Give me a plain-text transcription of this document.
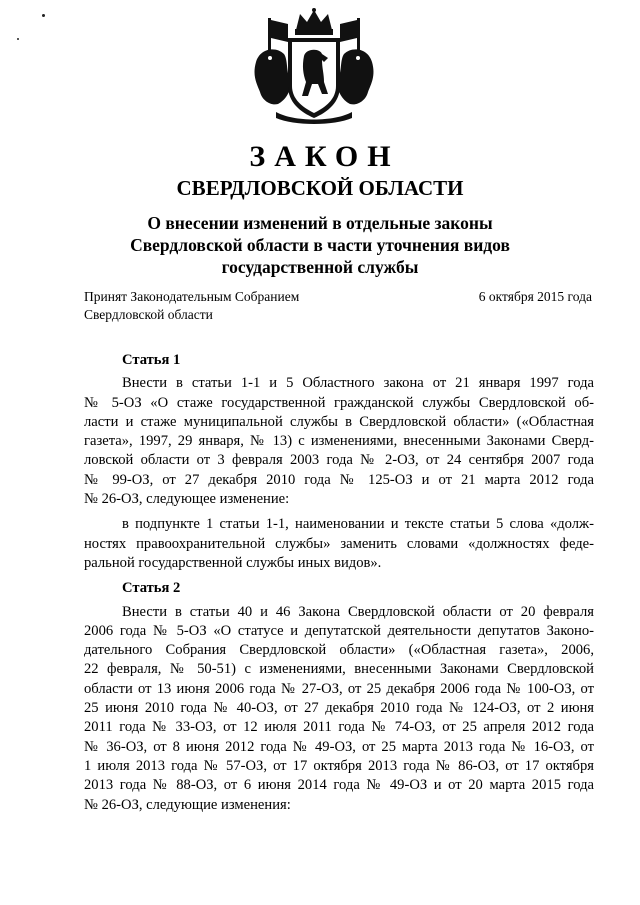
ЗАКОН
СВЕРДЛОВСКОЙ ОБЛАСТИ
О внесении изменений в отдельные законы
Свердловской области в части уточнения видов
государственной службы
Принят Законодательным Собранием
Свердловской области
6 октября 2015 года
Статья 1
Внести в статьи 1-1 и 5 Областного закона от 21 января 1997 года
№ 5-ОЗ «О стаже государственной гражданской службы Свердловской об-
ласти и стаже муниципальной службы в Свердловской области» («Областная
газета», 1997, 29 января, № 13) с изменениями, внесенными Законами Сверд-
ловской области от 3 февраля 2003 года № 2-ОЗ, от 24 сентября 2007 года
№ 99-ОЗ, от 27 декабря 2010 года № 125-ОЗ и от 21 марта 2012 года
№ 26-ОЗ, следующее изменение:
в подпункте 1 статьи 1-1, наименовании и тексте статьи 5 слова «долж-
ностях правоохранительной службы» заменить словами «должностях феде-
ральной государственной службы иных видов».
Статья 2
Внести в статьи 40 и 46 Закона Свердловской области от 20 февраля
2006 года № 5-ОЗ «О статусе и депутатской деятельности депутатов Законо-
дательного Собрания Свердловской области» («Областная газета», 2006,
22 февраля, № 50-51) с изменениями, внесенными Законами Свердловской
области от 13 июня 2006 года № 27-ОЗ, от 25 декабря 2006 года № 100-ОЗ, от
25 июня 2010 года № 40-ОЗ, от 27 декабря 2010 года № 124-ОЗ, от 2 июня
2011 года № 33-ОЗ, от 12 июля 2011 года № 74-ОЗ, от 25 апреля 2012 года
№ 36-ОЗ, от 8 июня 2012 года № 49-ОЗ, от 25 марта 2013 года № 16-ОЗ, от
1 июля 2013 года № 57-ОЗ, от 17 октября 2013 года № 86-ОЗ, от 17 октября
2013 года № 88-ОЗ, от 6 июня 2014 года № 49-ОЗ и от 20 марта 2015 года
№ 26-ОЗ, следующие изменения:
